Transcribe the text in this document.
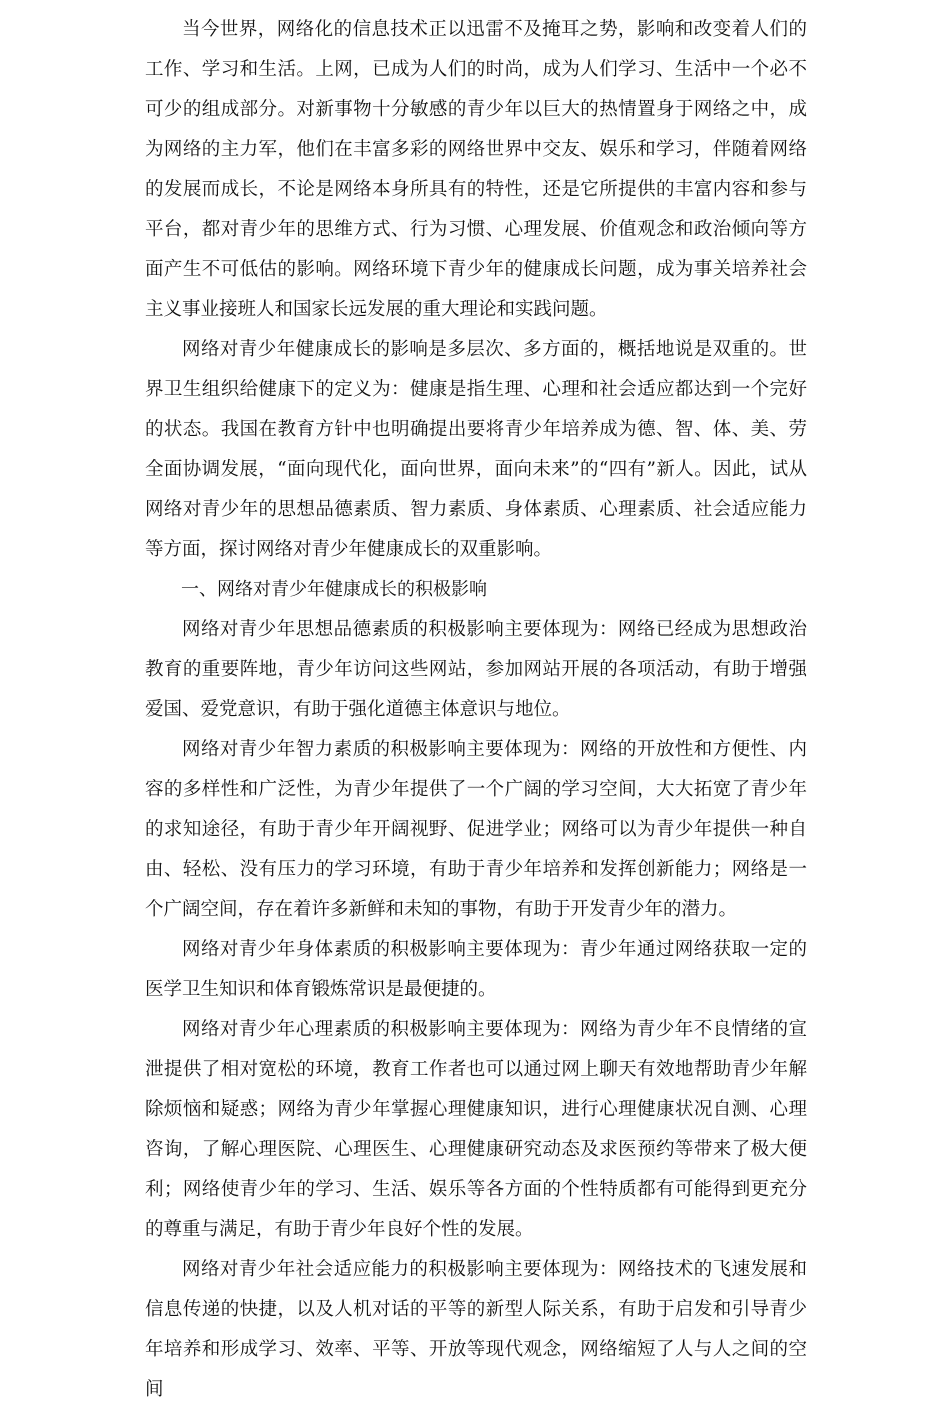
当今世界，网络化的信息技术正以迅雷不及掩耳之势，影响和改变着人们的工作、学习和生活。上网，已成为人们的时尚，成为人们学习、生活中一个必不可少的组成部分。对新事物十分敏感的青少年以巨大的热情置身于网络之中，成为网络的主力军，他们在丰富多彩的网络世界中交友、娱乐和学习，伴随着网络的发展而成长，不论是网络本身所具有的特性，还是它所提供的丰富内容和参与平台，都对青少年的思维方式、行为习惯、心理发展、价值观念和政治倾向等方面产生不可低估的影响。网络环境下青少年的健康成长问题，成为事关培养社会主义事业接班人和国家长远发展的重大理论和实践问题。

网络对青少年健康成长的影响是多层次、多方面的，概括地说是双重的。世界卫生组织给健康下的定义为：健康是指生理、心理和社会适应都达到一个完好的状态。我国在教育方针中也明确提出要将青少年培养成为德、智、体、美、劳全面协调发展，“面向现代化，面向世界，面向未来”的“四有”新人。因此，试从网络对青少年的思想品德素质、智力素质、身体素质、心理素质、社会适应能力等方面，探讨网络对青少年健康成长的双重影响。

一、网络对青少年健康成长的积极影响

网络对青少年思想品德素质的积极影响主要体现为：网络已经成为思想政治教育的重要阵地，青少年访问这些网站，参加网站开展的各项活动，有助于增强爱国、爱党意识，有助于强化道德主体意识与地位。

网络对青少年智力素质的积极影响主要体现为：网络的开放性和方便性、内容的多样性和广泛性，为青少年提供了一个广阔的学习空间，大大拓宽了青少年的求知途径，有助于青少年开阔视野、促进学业；网络可以为青少年提供一种自由、轻松、没有压力的学习环境，有助于青少年培养和发挥创新能力；网络是一个广阔空间，存在着许多新鲜和未知的事物，有助于开发青少年的潜力。

网络对青少年身体素质的积极影响主要体现为：青少年通过网络获取一定的医学卫生知识和体育锻炼常识是最便捷的。

网络对青少年心理素质的积极影响主要体现为：网络为青少年不良情绪的宣泄提供了相对宽松的环境，教育工作者也可以通过网上聊天有效地帮助青少年解除烦恼和疑惑；网络为青少年掌握心理健康知识，进行心理健康状况自测、心理咨询，了解心理医院、心理医生、心理健康研究动态及求医预约等带来了极大便利；网络使青少年的学习、生活、娱乐等各方面的个性特质都有可能得到更充分的尊重与满足，有助于青少年良好个性的发展。

网络对青少年社会适应能力的积极影响主要体现为：网络技术的飞速发展和信息传递的快捷，以及人机对话的平等的新型人际关系，有助于启发和引导青少年培养和形成学习、效率、平等、开放等现代观念，网络缩短了人与人之间的空间
